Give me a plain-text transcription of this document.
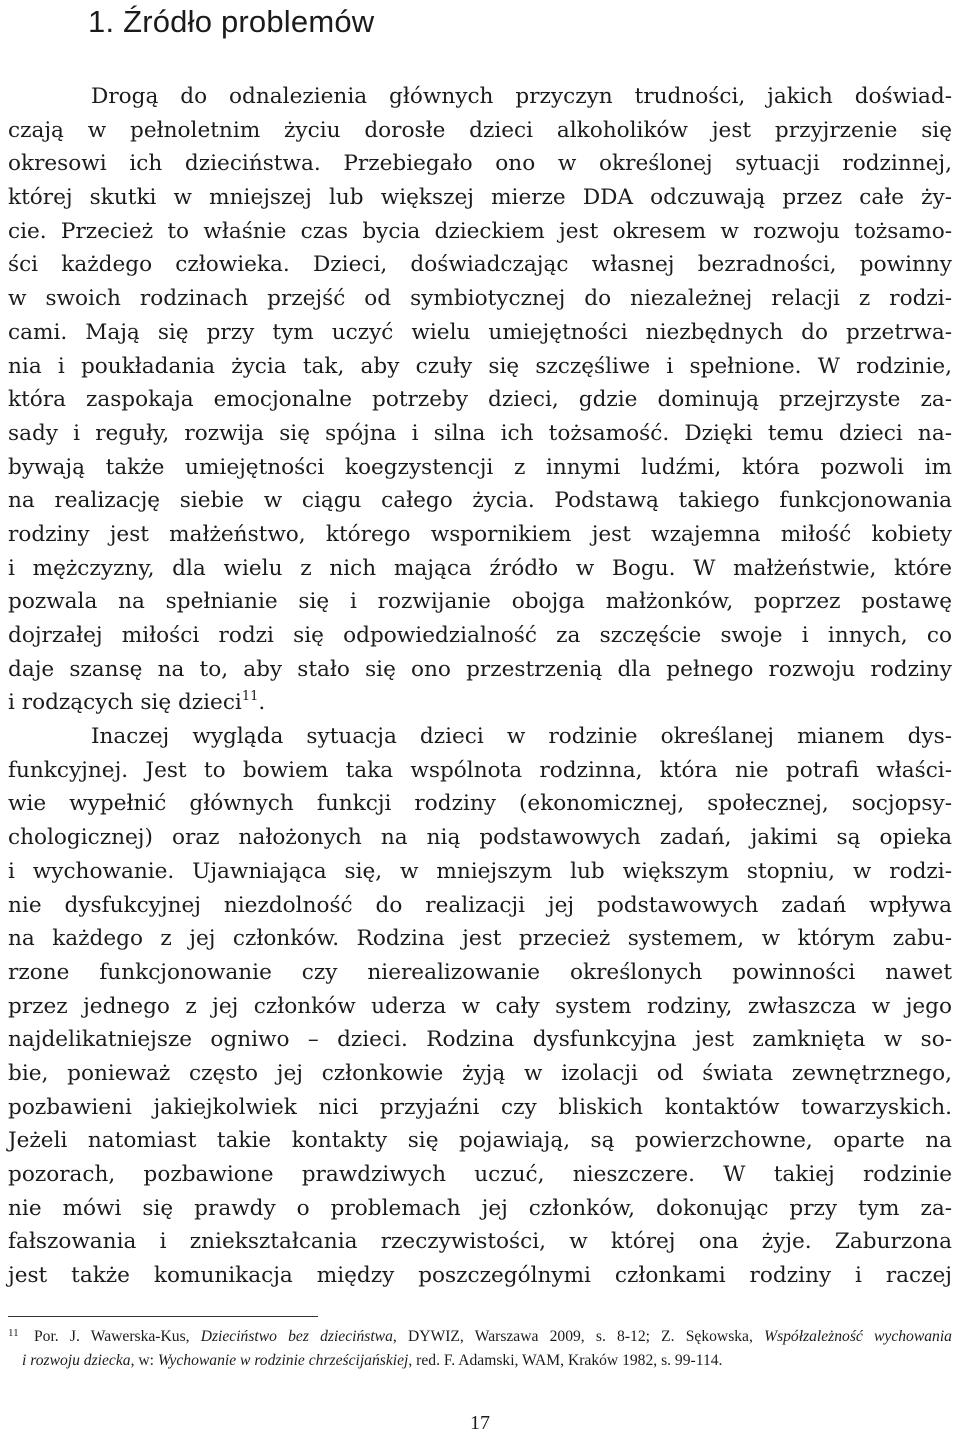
1. Źródło problemów
Drogą do odnalezienia głównych przyczyn trudności, jakich doświad-
czają w pełnoletnim życiu dorosłe dzieci alkoholików jest przyjrzenie się
okresowi ich dzieciństwa. Przebiegało ono w określonej sytuacji rodzinnej,
której skutki w mniejszej lub większej mierze DDA odczuwają przez całe ży-
cie. Przecież to właśnie czas bycia dzieckiem jest okresem w rozwoju tożsamo-
ści każdego człowieka. Dzieci, doświadczając własnej bezradności, powinny
w swoich rodzinach przejść od symbiotycznej do niezależnej relacji z rodzi-
cami. Mają się przy tym uczyć wielu umiejętności niezbędnych do przetrwa-
nia i poukładania życia tak, aby czuły się szczęśliwe i spełnione. W rodzinie,
która zaspokaja emocjonalne potrzeby dzieci, gdzie dominują przejrzyste za-
sady i reguły, rozwija się spójna i silna ich tożsamość. Dzięki temu dzieci na-
bywają także umiejętności koegzystencji z innymi ludźmi, która pozwoli im
na realizację siebie w ciągu całego życia. Podstawą takiego funkcjonowania
rodziny jest małżeństwo, którego wspornikiem jest wzajemna miłość kobiety
i mężczyzny, dla wielu z nich mająca źródło w Bogu. W małżeństwie, które
pozwala na spełnianie się i rozwijanie obojga małżonków, poprzez postawę
dojrzałej miłości rodzi się odpowiedzialność za szczęście swoje i innych, co
daje szansę na to, aby stało się ono przestrzenią dla pełnego rozwoju rodziny
i rodzących się dzieci$^{11}$.
Inaczej wygląda sytuacja dzieci w rodzinie określanej mianem dys-
funkcyjnej. Jest to bowiem taka wspólnota rodzinna, która nie potrafi właści-
wie wypełnić głównych funkcji rodziny (ekonomicznej, społecznej, socjopsy-
chologicznej) oraz nałożonych na nią podstawowych zadań, jakimi są opieka
i wychowanie. Ujawniająca się, w mniejszym lub większym stopniu, w rodzi-
nie dysfukcyjnej niezdolność do realizacji jej podstawowych zadań wpływa
na każdego z jej członków. Rodzina jest przecież systemem, w którym zabu-
rzone funkcjonowanie czy nierealizowanie określonych powinności nawet
przez jednego z jej członków uderza w cały system rodziny, zwłaszcza w jego
najdelikatniejsze ogniwo – dzieci. Rodzina dysfunkcyjna jest zamknięta w so-
bie, ponieważ często jej członkowie żyją w izolacji od świata zewnętrznego,
pozbawieni jakiejkolwiek nici przyjaźni czy bliskich kontaktów towarzyskich.
Jeżeli natomiast takie kontakty się pojawiają, są powierzchowne, oparte na
pozorach, pozbawione prawdziwych uczuć, nieszczere. W takiej rodzinie
nie mówi się prawdy o problemach jej członków, dokonując przy tym za-
fałszowania i zniekształcania rzeczywistości, w której ona żyje. Zaburzona
jest także komunikacja między poszczególnymi członkami rodziny i raczej
11 Por. J. Wawerska-Kus, Dzieciństwo bez dzieciństwa, DYWIZ, Warszawa 2009, s. 8-12; Z. Sękowska, Współzależność wychowania
i rozwoju dziecka, w: Wychowanie w rodzinie chrześcijańskiej, red. F. Adamski, WAM, Kraków 1982, s. 99-114.
17
